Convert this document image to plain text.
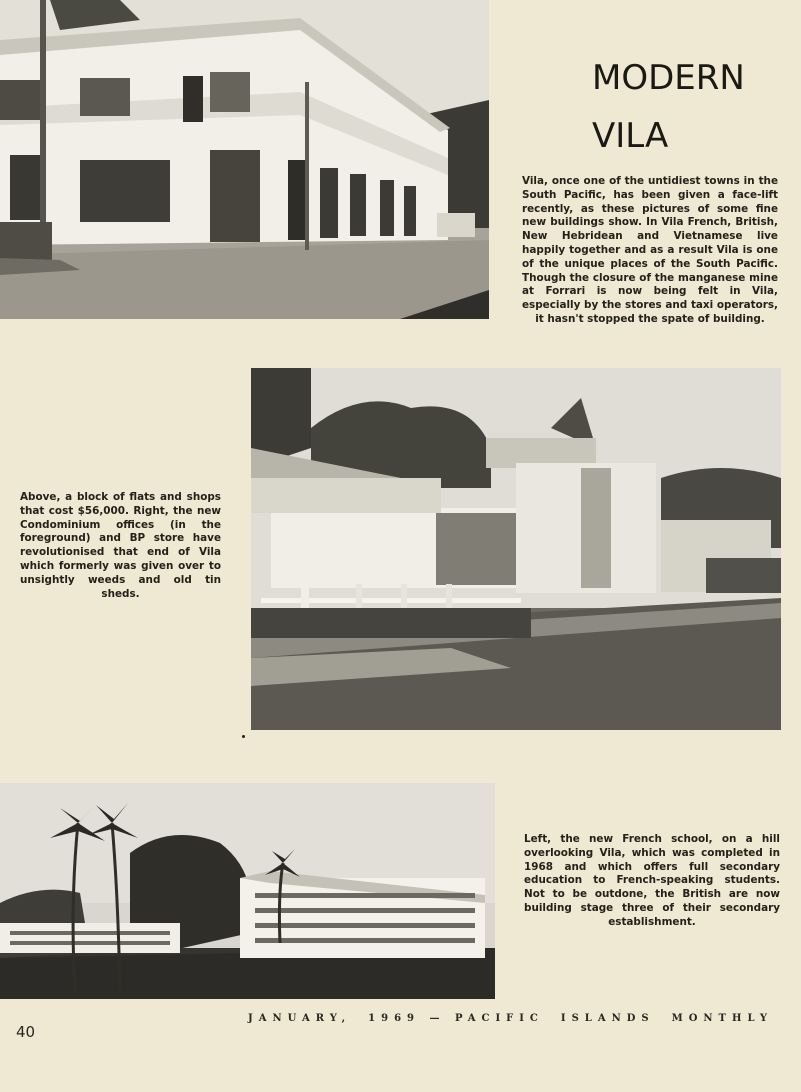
MODERN
VILA
Vila, once one of the untidiest towns in the South Pacific, has been given a face-lift recently, as these pictures of some fine new buildings show. In Vila French, British, New Hebridean and Vietnamese live happily together and as a result Vila is one of the unique places of the South Pacific. Though the closure of the manganese mine at Forrari is now being felt in Vila, especially by the stores and taxi operators, it hasn't stopped the spate of building.
Above, a block of flats and shops that cost $56,000. Right, the new Condominium offices (in the foreground) and BP store have revolutionised that end of Vila which formerly was given over to unsightly weeds and old tin sheds.
Left, the new French school, on a hill overlooking Vila, which was completed in 1968 and which offers full secondary education to French-speaking students. Not to be outdone, the British are now building stage three of their secondary establishment.
40
JANUARY, 1969 — PACIFIC ISLANDS MONTHLY
